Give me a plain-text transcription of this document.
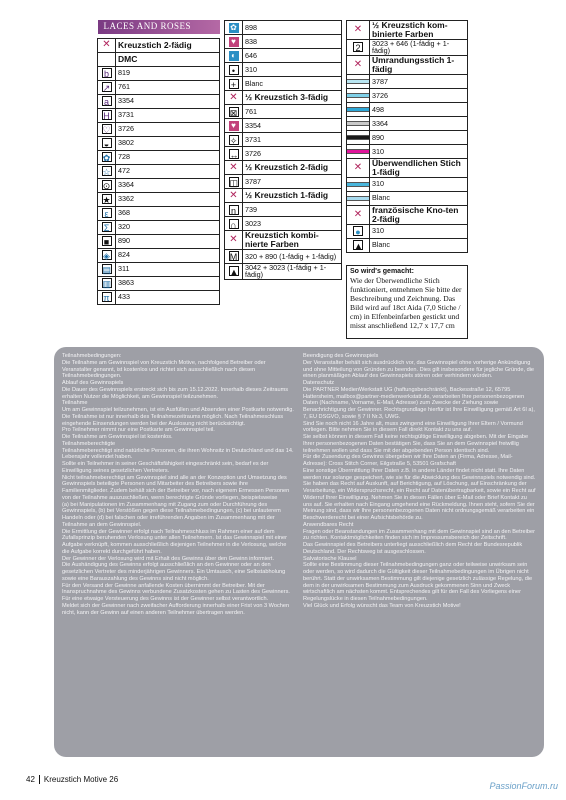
LACES AND ROSES	

✕	Kreuzstich 2-fädig
	DMC
b	819
↗	761
a	3354
H	3731
♡	3726
◒	3802
✿	728
☆	472
⊙	3364
★	3362
ε	368
Σ	320
■	890
◈	824
▤	311
▥	3863
π	433
✿	898
♥	838
◐	646
•	310
+	Blanc
✕	½ Kreuzstich 3-fädig
⊠	761
♥	3354
✧	3731
↔	3726
✕	½ Kreuzstich 2-fädig
◫	3787
✕	½ Kreuzstich 1-fädig
n	739
∩	3023
✕	Kreuzstich kombi-nierte Farben
M	320 + 890 (1-fädig + 1-fädig)
▲	3042 + 3023 (1-fädig + 1-fädig)
✕	½ Kreuzstich kom-binierte Farben
2	3023 + 646 (1-fädig + 1-fädig)
✕	Umrandungsstich 1-fädig
	3787
	3726
	498
	3364
	890
	310
✕	Überwendlichen Stich 1-fädig
	310
	Blanc
✕	französische Kno-ten 2-fädig
●	310
▲	Blanc
So wird's gemacht:
Wie der Überwendliche Stich funktioniert, entnehmen Sie bitte der Beschreibung und Zeichnung. Das Bild wird auf 18ct Aida (7,0 Stiche / cm) in Elfenbeinfarben gestickt und misst anschließend 12,7 x 17,7 cm
Teilnahmebedingungen:
Die Teilnahme am Gewinnspiel von Kreuzstich Motive, nachfolgend Betreiber oder Veranstalter genannt, ist kostenlos und richtet sich ausschließlich nach diesen Teilnahmebedingungen.
Ablauf des Gewinnspiels
Die Dauer des Gewinnspiels erstreckt sich bis zum 15.12.2022. Innerhalb dieses Zeitraums erhalten Nutzer die Möglichkeit, am Gewinnspiel teilzunehmen.
Teilnahme
Um am Gewinnspiel teilzunehmen, ist ein Ausfüllen und Absenden einer Postkarte notwendig. Die Teilnahme ist nur innerhalb des Teilnahmezeitraums möglich. Nach Teilnahmeschluss eingehende Einsendungen werden bei der Auslosung nicht berücksichtigt.
Pro Teilnehmer nimmt nur eine Postkarte am Gewinnspiel teil.
Die Teilnahme am Gewinnspiel ist kostenlos.
Teilnahmeberechtigte
Teilnahmeberechtigt sind natürliche Personen, die ihren Wohnsitz in Deutschland und das 14. Lebensjahr vollendet haben.
Sollte ein Teilnehmer in seiner Geschäftsfähigkeit eingeschränkt sein, bedarf es der Einwilligung seines gesetzlichen Vertreters.
Nicht teilnahmeberechtigt am Gewinnspiel sind alle an der Konzeption und Umsetzung des Gewinnspiels beteiligte Personen und Mitarbeiter des Betreibers sowie ihre Familienmitglieder. Zudem behält sich der Betreiber vor, nach eigenem Ermessen Personen von der Teilnahme auszuschließen, wenn berechtigte Gründe vorliegen, beispielsweise
(a) bei Manipulationen im Zusammenhang mit Zugang zum oder Durchführung des Gewinnspiels, (b) bei Verstößen gegen diese Teilnahmebedingungen, (c) bei unlauterem Handeln oder (d) bei falschen oder irreführenden Angaben im Zusammenhang mit der Teilnahme an dem Gewinnspiel.
Die Ermittlung der Gewinner erfolgt nach Teilnahmeschluss im Rahmen einer auf dem Zufallsprinzip beruhenden Verlosung unter allen Teilnehmern. Ist das Gewinnspiel mit einer Aufgabe verknüpft, kommen ausschließlich diejenigen Teilnehmer in die Verlosung, welche die Aufgabe korrekt durchgeführt haben.
Der Gewinner der Verlosung wird mit Erhalt des Gewinns über den Gewinn informiert.
Die Aushändigung des Gewinns erfolgt ausschließlich an den Gewinner oder an den gesetzlichen Vertreter des minderjährigen Gewinners. Ein Umtausch, eine Selbstabholung sowie eine Barauszahlung des Gewinns sind nicht möglich.
Für den Versand der Gewinne anfallende Kosten übernimmt der Betreiber. Mit der Inanspruchnahme des Gewinns verbundene Zusatzkosten gehen zu Lasten des Gewinners. Für eine etwaige Versteuerung des Gewinns ist der Gewinner selbst verantwortlich.
Meldet sich der Gewinner nach zweifacher Aufforderung innerhalb einer Frist von 3 Wochen nicht, kann der Gewinn auf einen anderen Teilnehmer übertragen werden.
Beendigung des Gewinnspiels
Der Veranstalter behält sich ausdrücklich vor, das Gewinnspiel ohne vorherige Ankündigung und ohne Mitteilung von Gründen zu beenden. Dies gilt insbesondere für jegliche Gründe, die einen planmäßigen Ablauf des Gewinnspiels stören oder verhindern würden.
Datenschutz
Die PARTNER MedienWerkstatt UG (haftungsbeschränkt), Backesstraße 12, 65795 Hattersheim, mailbox@partner-medienwerkstatt.de, verarbeiten Ihre personenbezogenen Daten (Nachname, Vorname, E-Mail, Adresse) zum Zwecke der Ziehung sowie Benachrichtigung der Gewinner. Rechtsgrundlage hierfür ist Ihre Einwilligung gemäß Art 6I a), 7, EU DSGVO, sowie § 7 II Nr.3, UWG.
Sind Sie noch nicht 16 Jahre alt, muss zwingend eine Einwilligung Ihrer Eltern / Vormund vorliegen. Bitte nehmen Sie in diesem Fall direkt Kontakt zu uns auf.
Sie selbst können in diesem Fall keine rechtsgültige Einwilligung abgeben. Mit der Eingabe Ihrer personenbezogenen Daten bestätigen Sie, dass Sie an dem Gewinnspiel freiwillig teilnehmen wollen und dass Sie mit der abgebenden Person identisch sind.
Für die Zusendung des Gewinns übergeben wir Ihre Daten an (Firma, Adresse, Mail-Adresse): Cross Stitch Corner, Eilgstraße 5, 53501 Grafschaft
Eine sonstige Übermittlung Ihrer Daten z.B. in andere Länder findet nicht statt. Ihre Daten werden nur solange gespeichert, wie sie für die Abwicklung des Gewinnspiels notwendig sind. Sie haben das Recht auf Auskunft, auf Berichtigung, auf Löschung, auf Einschränkung der Verarbeitung, ein Widerspruchsrecht, ein Recht auf Datenübertragbarkeit, sowie ein Recht auf Widerruf Ihrer Einwilligung. Nehmen Sie in diesen Fällen über E-Mail oder Brief Kontakt zu uns auf. Sie erhalten nach Eingang umgehend eine Rückmeldung. Ihnen steht, sofern Sie der Meinung sind, dass wir Ihre personenbezogenen Daten nicht ordnungsgemäß verarbeiten ein Beschwerderecht bei einer Aufsichtsbehörde zu.
Anwendbares Recht
Fragen oder Beanstandungen im Zusammenhang mit dem Gewinnspiel sind an den Betreiber zu richten. Kontaktmöglichkeiten finden sich im Impressumsbereich der Zeitschrift.
Das Gewinnspiel des Betreibers unterliegt ausschließlich dem Recht der Bundesrepublik Deutschland. Der Rechtsweg ist ausgeschlossen.
Salvatorische Klausel
Sollte eine Bestimmung dieser Teilnahmebedingungen ganz oder teilweise unwirksam sein oder werden, so wird dadurch die Gültigkeit dieser Teilnahmebedingungen im Übrigen nicht berührt. Statt der unwirksamen Bestimmung gilt diejenige gesetzlich zulässige Regelung, die dem in der unwirksamen Bestimmung zum Ausdruck gekommenen Sinn und Zweck wirtschaftlich am nächsten kommt. Entsprechendes gilt für den Fall des Vorliegens einer Regelungslücke in diesen Teilnahmebedingungen.
Viel Glück und Erfolg wünscht das Team von Kreuzstich Motive!
42 Kreuzstich Motive 26
PassionForum.ru
